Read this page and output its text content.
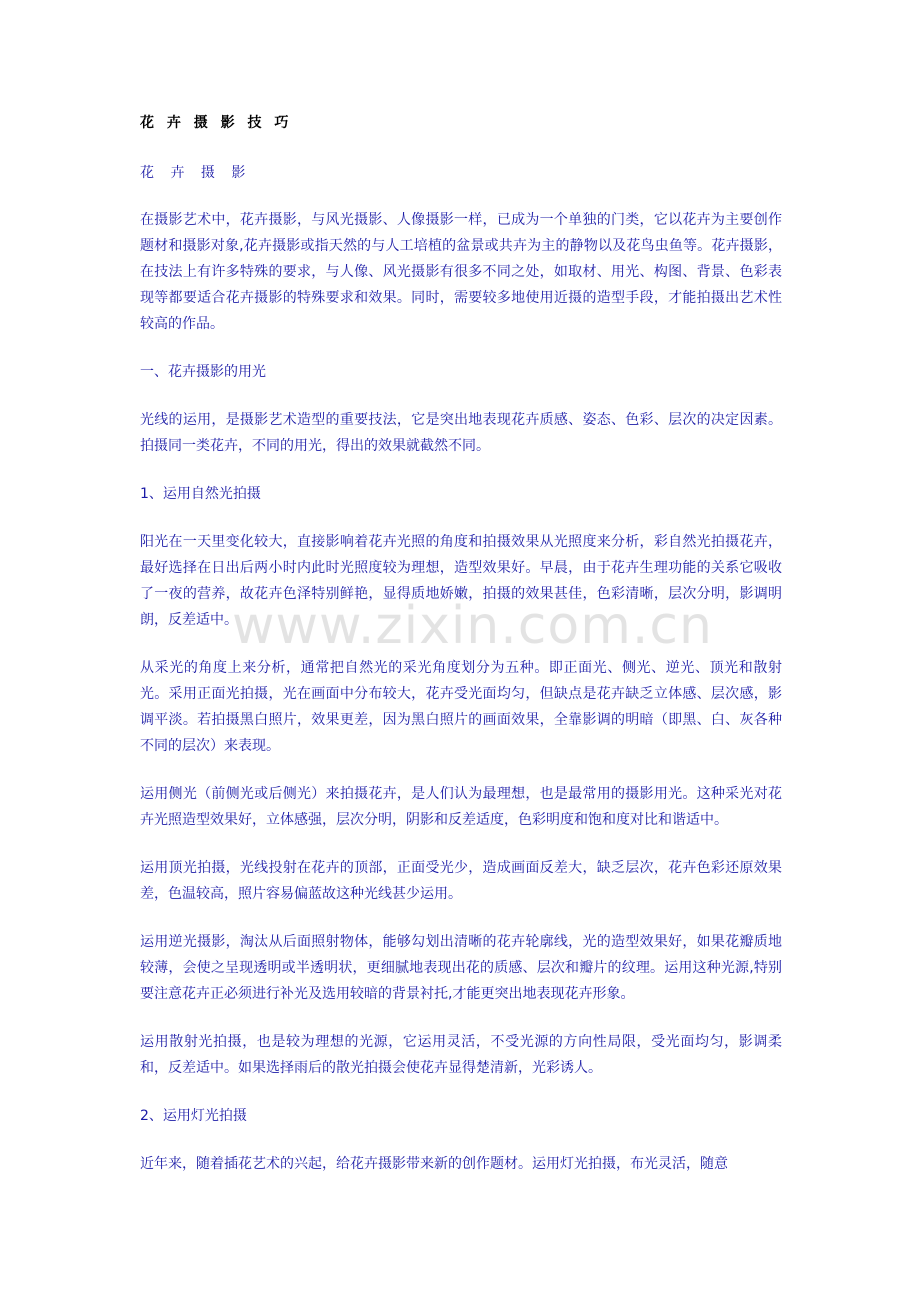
花 卉 摄 影 技 巧
花 卉 摄 影

在摄影艺术中，花卉摄影，与风光摄影、人像摄影一样，已成为一个单独的门类，它以花卉为主要创作题材和摄影对象,花卉摄影或指天然的与人工培植的盆景或共卉为主的静物以及花鸟虫鱼等。花卉摄影，在技法上有许多特殊的要求，与人像、风光摄影有很多不同之处，如取材、用光、构图、背景、色彩表现等都要适合花卉摄影的特殊要求和效果。同时，需要较多地使用近摄的造型手段，才能拍摄出艺术性较高的作品。

一、花卉摄影的用光

光线的运用，是摄影艺术造型的重要技法，它是突出地表现花卉质感、姿态、色彩、层次的决定因素。拍摄同一类花卉，不同的用光，得出的效果就截然不同。

1、运用自然光拍摄

阳光在一天里变化较大，直接影响着花卉光照的角度和拍摄效果从光照度来分析，彩自然光拍摄花卉，最好选择在日出后两小时内此时光照度较为理想，造型效果好。早晨，由于花卉生理功能的关系它吸收了一夜的营养，故花卉色泽特别鲜艳，显得质地娇嫩，拍摄的效果甚佳，色彩清晰，层次分明，影调明朗，反差适中。

从采光的角度上来分析，通常把自然光的采光角度划分为五种。即正面光、侧光、逆光、顶光和散射光。采用正面光拍摄，光在画面中分布较大，花卉受光面均匀，但缺点是花卉缺乏立体感、层次感，影调平淡。若拍摄黑白照片，效果更差，因为黑白照片的画面效果，全靠影调的明暗（即黑、白、灰各种不同的层次）来表现。

运用侧光（前侧光或后侧光）来拍摄花卉，是人们认为最理想，也是最常用的摄影用光。这种采光对花卉光照造型效果好，立体感强，层次分明，阴影和反差适度，色彩明度和饱和度对比和谐适中。

运用顶光拍摄，光线投射在花卉的顶部，正面受光少，造成画面反差大，缺乏层次，花卉色彩还原效果差，色温较高，照片容易偏蓝故这种光线甚少运用。

运用逆光摄影，淘汰从后面照射物体，能够勾划出清晰的花卉轮廓线，光的造型效果好，如果花瓣质地较薄，会使之呈现透明或半透明状，更细腻地表现出花的质感、层次和瓣片的纹理。运用这种光源,特别要注意花卉正必须进行补光及选用较暗的背景衬托,才能更突出地表现花卉形象。

运用散射光拍摄，也是较为理想的光源，它运用灵活，不受光源的方向性局限，受光面均匀，影调柔和，反差适中。如果选择雨后的散光拍摄会使花卉显得楚清新，光彩诱人。

2、运用灯光拍摄

近年来，随着插花艺术的兴起，给花卉摄影带来新的创作题材。运用灯光拍摄，布光灵活，随意

www.zixin.com.cn
